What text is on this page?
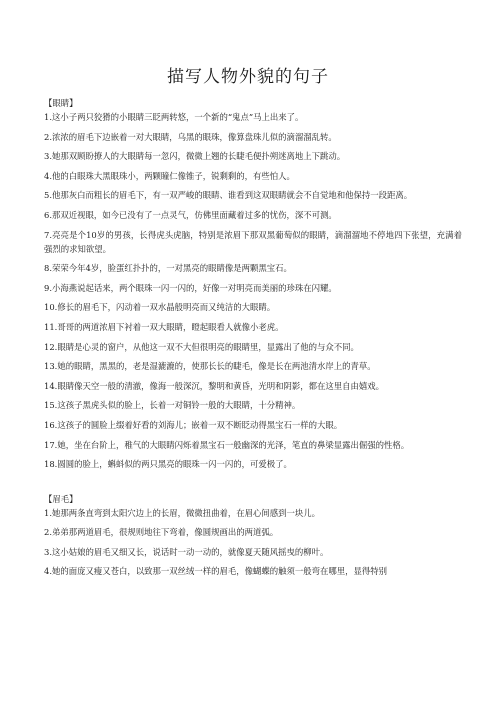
描写人物外貌的句子

【眼睛】

1.这小子两只狡猾的小眼睛三眨两转悠，一个新的“鬼点”马上出来了。

2.浓浓的眉毛下边嵌着一对大眼睛，乌黑的眼珠，像算盘珠儿似的滴溜溜乱转。

3.她那双顾盼撩人的大眼睛每一忽闪，微微上翘的长睫毛便扑朔迷离地上下跳动。

4.他的白眼珠大黑眼珠小，两颗瞳仁像锥子，锐剩剩的，有些怕人。

5.他那灰白而粗长的眉毛下，有一双严峻的眼睛、谁看到这双眼睛就会不自觉地和他保持一段距离。

6.那双近视眼，如今已没有了一点灵气，仿佛里面藏着过多的忧伤，深不可测。

7.亮亮是个10岁的男孩，长得虎头虎脑，特别是浓眉下那双黑葡萄似的眼睛，滴溜溜地不停地四下张望，充满着强烈的求知欲望。

8.荣荣今年4岁，脸蛋红扑扑的，一对黑亮的眼睛像是两颗黑宝石。

9.小海燕说起话来，两个眼珠一闪一闪的，好像一对明亮而美丽的珍珠在闪耀。

10.修长的眉毛下，闪动着一双水晶般明亮而又纯洁的大眼睛。

11.哥哥的两道浓眉下衬着一双大眼睛，瞪起眼看人就像小老虎。

12.眼睛是心灵的窗户，从他这一双不大但很明亮的眼睛里，显露出了他的与众不同。

13.她的眼睛，黑黑的，老是湿漉漉的，使那长长的睫毛，像是长在两池清水岸上的青草。

14.眼睛像天空一般的清澈，像海一般深沉，黎明和黄昏，光明和阴影，都在这里自由嬉戏。

15.这孩子黑虎头似的脸上，长着一对铜铃一般的大眼睛，十分精神。

16.这孩子的圆脸上缀着好看的刘海儿；嵌着一双不断眨动得黑宝石一样的大眼。

17.她，坐在台阶上，稚气的大眼睛闪烁着黑宝石一般幽深的光泽，笔直的鼻梁显露出倔强的性格。

18.圆圆的脸上，蝌蚪似的两只黑亮的眼珠一闪一闪的，可爱极了。

【眉毛】

1.她那两条直弯到太阳穴边上的长眉，微微扭曲着，在眉心间感到一块儿。

2.弟弟那两道眉毛，很规则地往下弯着，像圆规画出的两道弧。

3.这小姑娘的眉毛又细又长，说话时一动一动的，就像夏天随风摇曳的柳叶。

4.她的面庞又瘦又苍白，以致那一双丝绒一样的眉毛，像蝴蝶的触须一般弯在哪里，显得特别
